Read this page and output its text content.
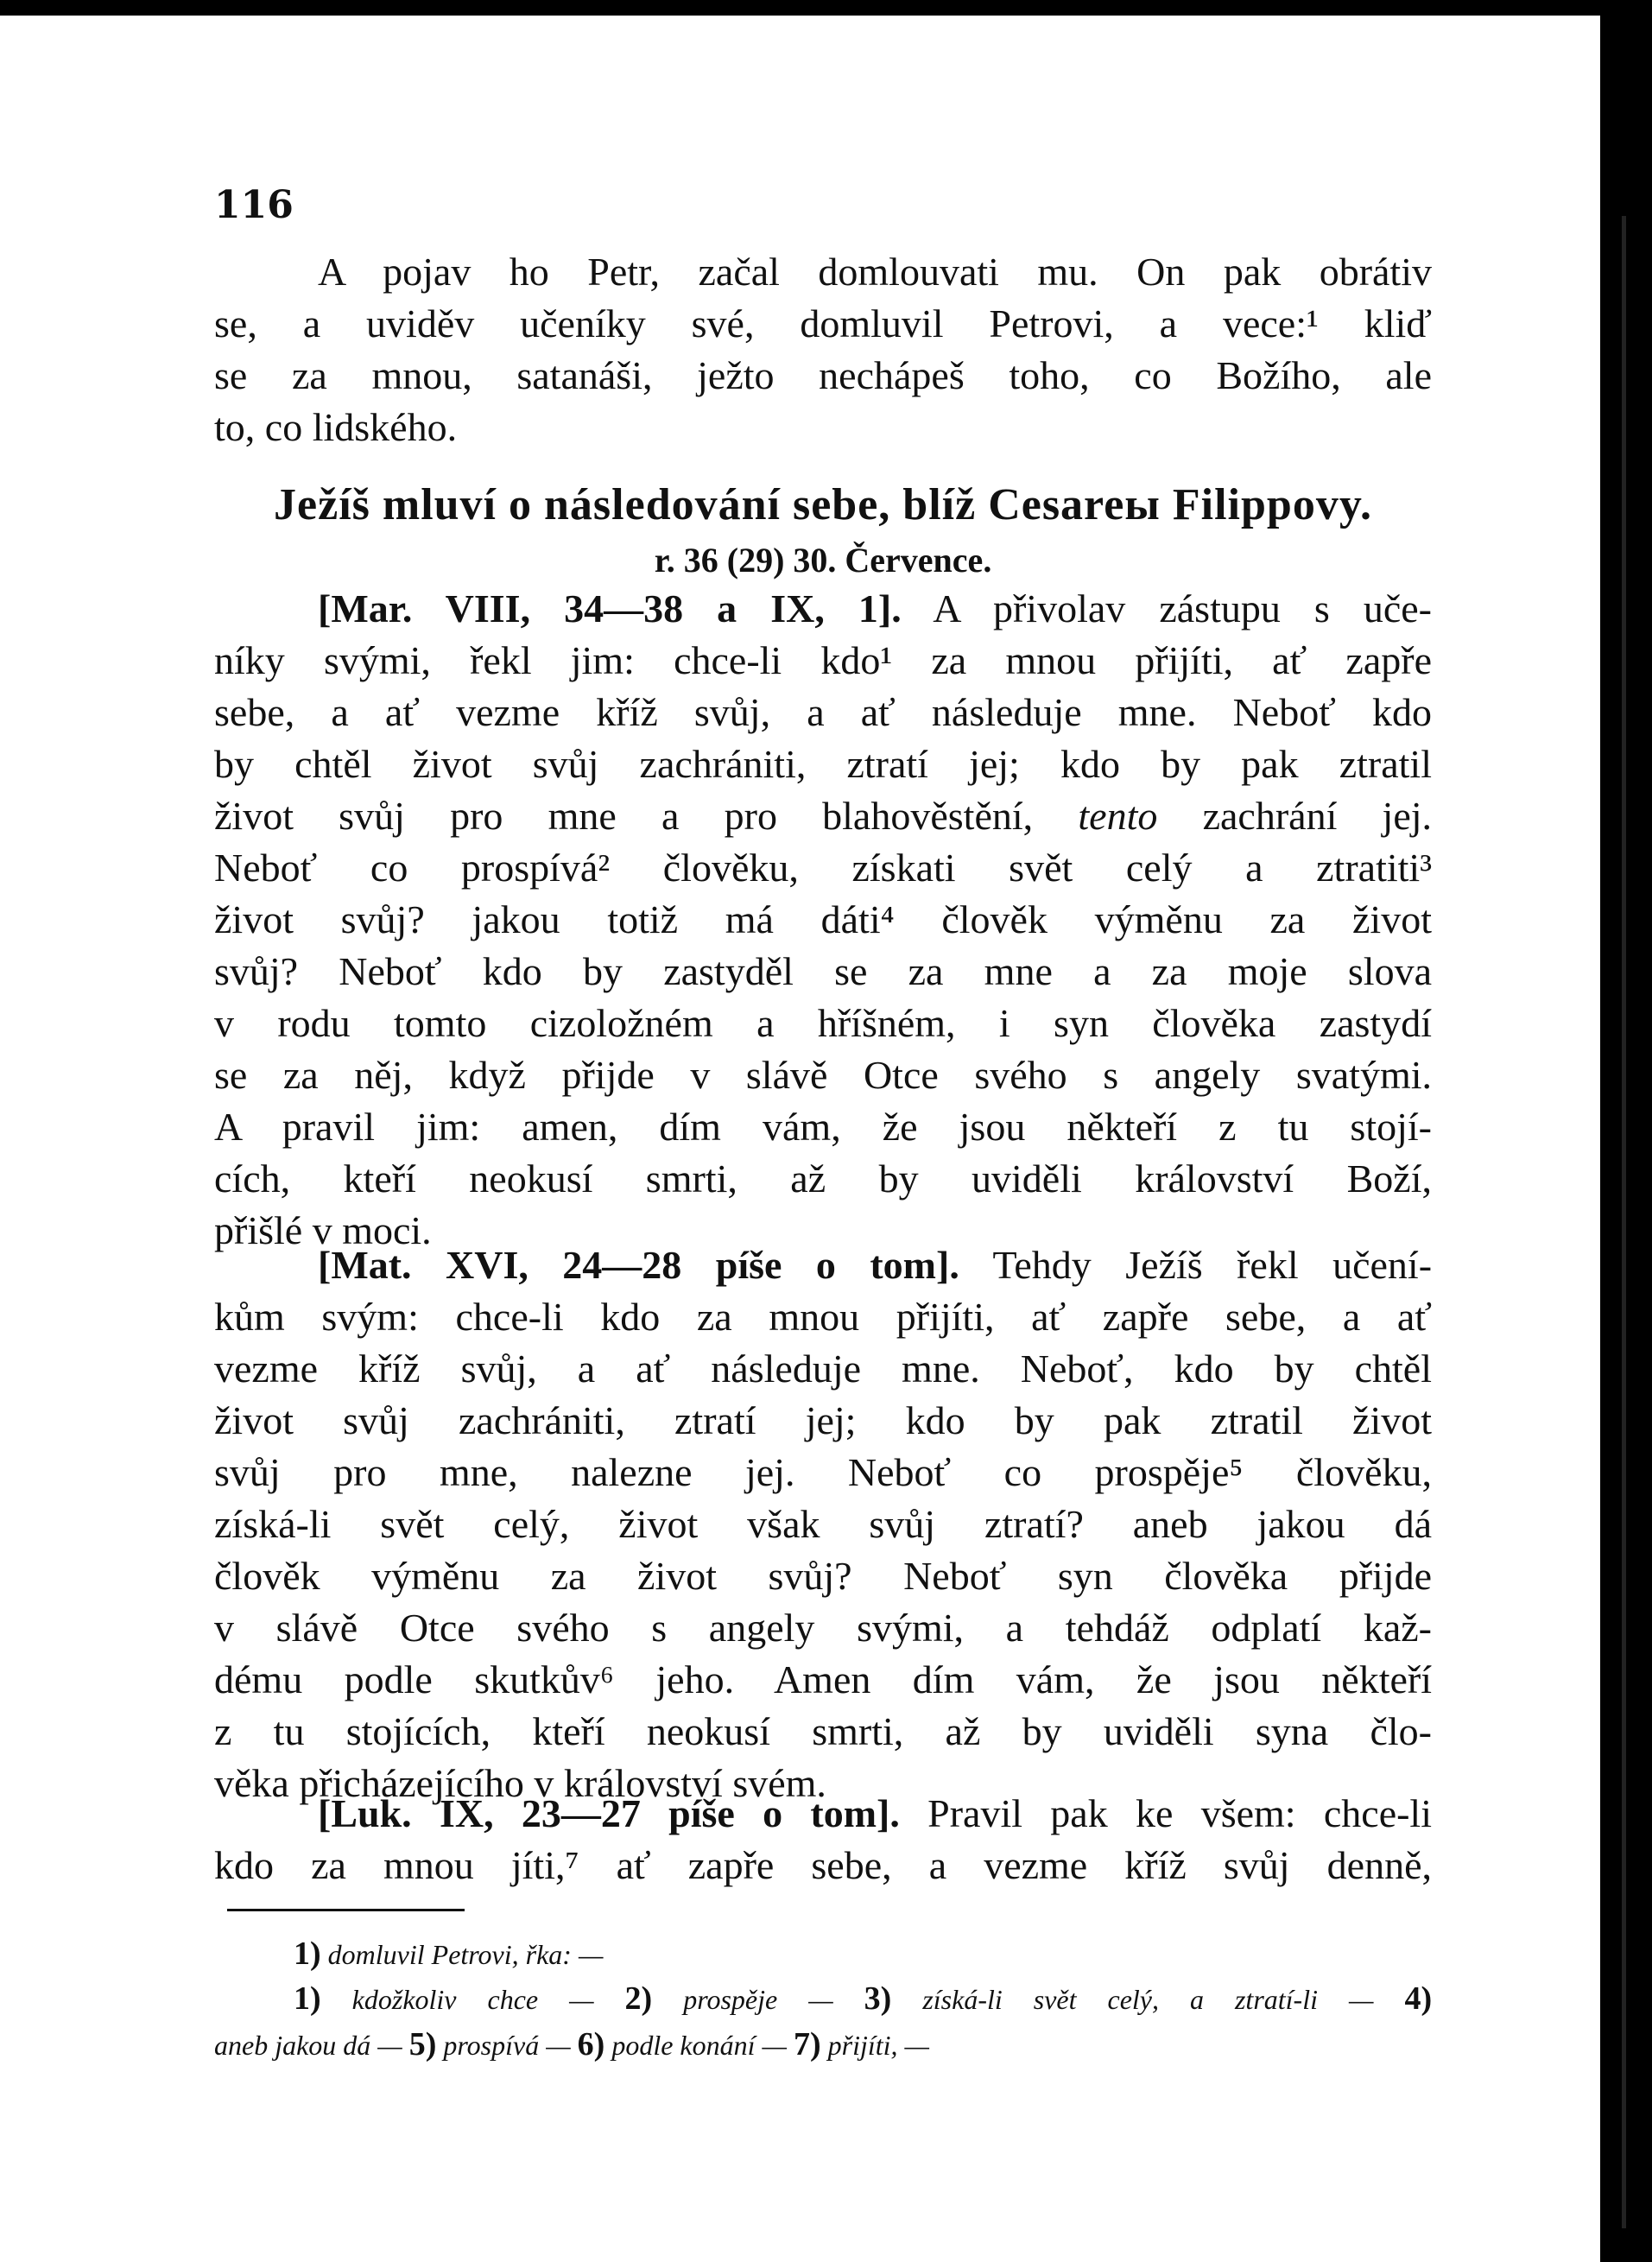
116
A pojav ho Petr, začal domlouvati mu. On pak obrátiv
se, a uviděv učeníky své, domluvil Petrovi, a vece:¹ kliď
se za mnou, satanáši, ježto nechápeš toho, co Božího, ale
to, co lidského.
Ježíš mluví o následování sebe, blíž Cesareы Filippovy.
r. 36 (29) 30. Července.
[Mar. VIII, 34—38 a IX, 1]. A přivolav zástupu s uče-
níky svými, řekl jim: chce-li kdo¹ za mnou přijíti, ať zapře
sebe, a ať vezme kříž svůj, a ať následuje mne. Neboť kdo
by chtěl život svůj zachrániti, ztratí jej; kdo by pak ztratil
život svůj pro mne a pro blahověstění, tento zachrání jej.
Neboť co prospívá² člověku, získati svět celý a ztratiti³
život svůj? jakou totiž má dáti⁴ člověk výměnu za život
svůj? Neboť kdo by zastyděl se za mne a za moje slova
v rodu tomto cizoložném a hříšném, i syn člověka zastydí
se za něj, když přijde v slávě Otce svého s angely svatými.
A pravil jim: amen, dím vám, že jsou někteří z tu stojí-
cích, kteří neokusí smrti, až by uviděli království Boží,
přišlé v moci.
[Mat. XVI, 24—28 píše o tom]. Tehdy Ježíš řekl učení-
kům svým: chce-li kdo za mnou přijíti, ať zapře sebe, a ať
vezme kříž svůj, a ať následuje mne. Neboť, kdo by chtěl
život svůj zachrániti, ztratí jej; kdo by pak ztratil život
svůj pro mne, nalezne jej. Neboť co prospěje⁵ člověku,
získá-li svět celý, život však svůj ztratí? aneb jakou dá
člověk výměnu za život svůj? Neboť syn člověka přijde
v slávě Otce svého s angely svými, a tehdáž odplatí kaž-
dému podle skutkův⁶ jeho. Amen dím vám, že jsou někteří
z tu stojících, kteří neokusí smrti, až by uviděli syna člo-
věka přicházejícího v království svém.
[Luk. IX, 23—27 píše o tom]. Pravil pak ke všem: chce-li
kdo za mnou jíti,⁷ ať zapře sebe, a vezme kříž svůj denně,
1) domluvil Petrovi, řka: —
1) kdožkoliv chce — 2) prospěje — 3) získá-li svět celý, a ztratí-li — 4)
aneb jakou dá — 5) prospívá — 6) podle konání — 7) přijíti, —
